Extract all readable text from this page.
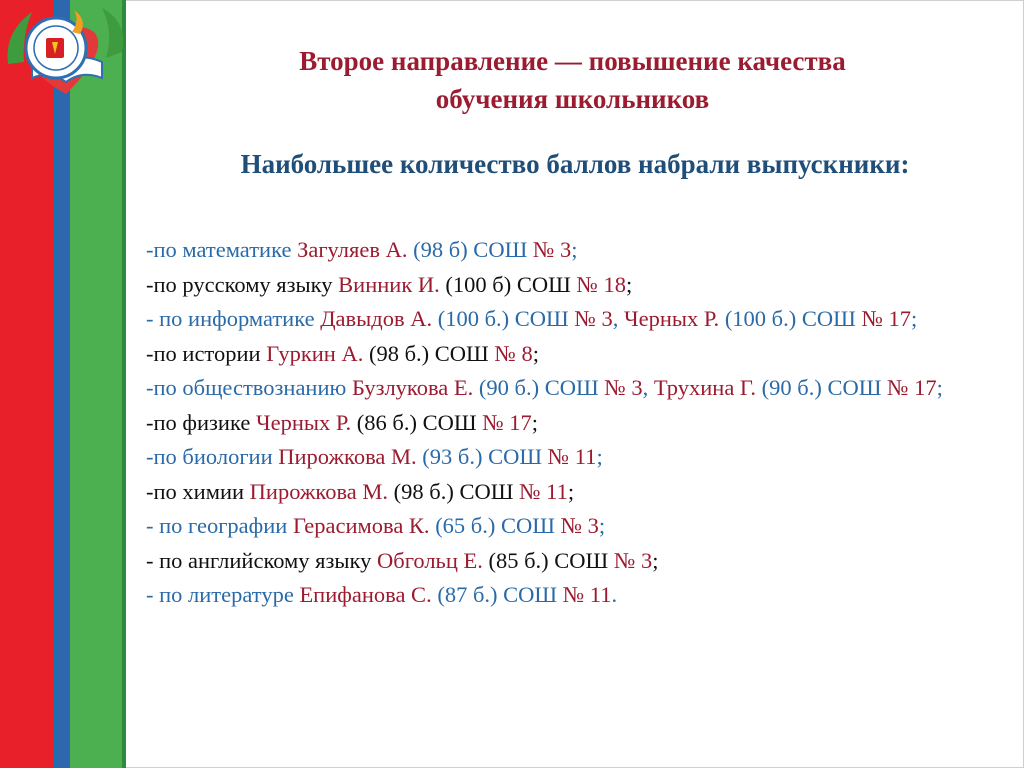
Второе направление — повышение качества
обучения школьников
Наибольшее количество баллов набрали выпускники:
-по математике Загуляев А. (98 б) СОШ № 3;
-по русскому языку Винник И. (100 б) СОШ № 18;
- по информатике Давыдов А. (100 б.) СОШ № 3, Черных Р. (100 б.) СОШ № 17;
-по истории Гуркин А. (98 б.) СОШ № 8;
-по обществознанию Бузлукова Е. (90 б.) СОШ № 3, Трухина Г. (90 б.) СОШ № 17;
-по физике Черных Р. (86 б.) СОШ № 17;
-по биологии Пирожкова М. (93 б.) СОШ № 11;
-по химии Пирожкова М. (98 б.) СОШ № 11;
- по географии Герасимова К. (65 б.) СОШ № 3;
- по английскому языку Обгольц Е. (85 б.) СОШ № 3;
- по литературе Епифанова С. (87 б.) СОШ № 11.
